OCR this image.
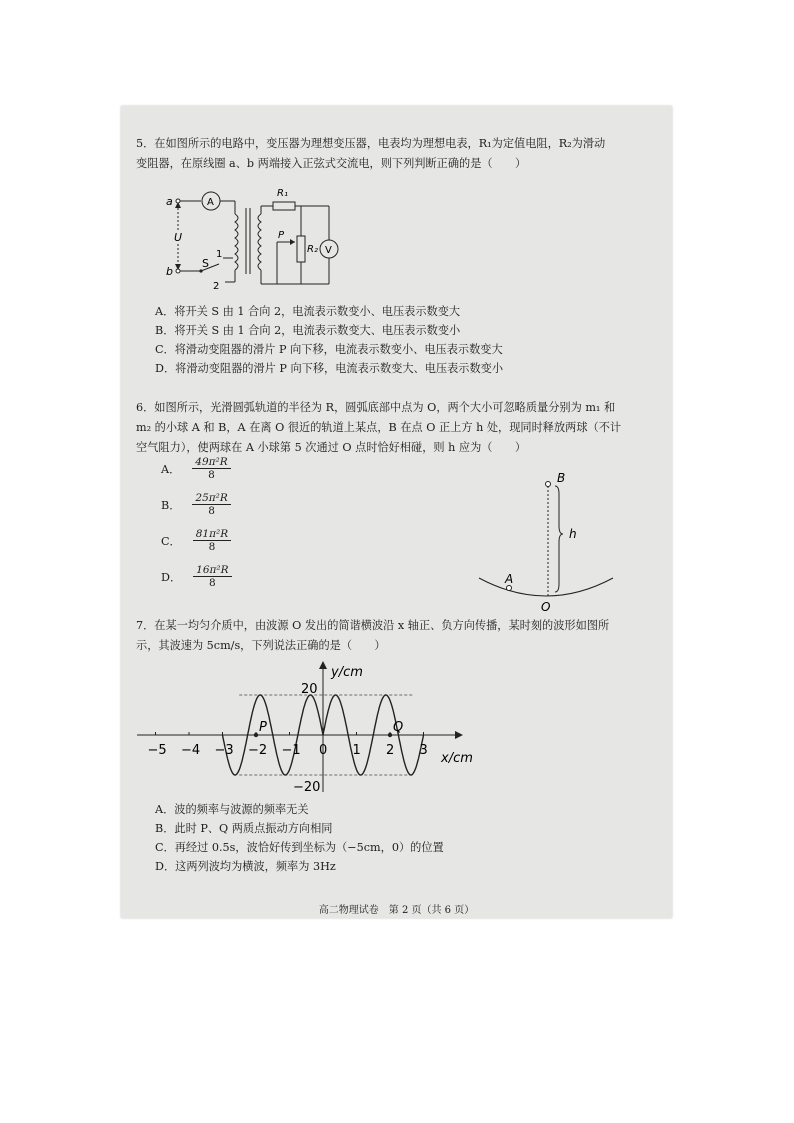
5．在如图所示的电路中，变压器为理想变压器，电表均为理想电表，R₁为定值电阻，R₂为滑动
变阻器，在原线圈 a、b 两端接入正弦式交流电，则下列判断正确的是（　　）
a
b
U
S
1
2
A
V
R₁
R₂
P
A．将开关 S 由 1 合向 2，电流表示数变小、电压表示数变大
B．将开关 S 由 1 合向 2，电流表示数变大、电压表示数变小
C．将滑动变阻器的滑片 P 向下移，电流表示数变小、电压表示数变大
D．将滑动变阻器的滑片 P 向下移，电流表示数变大、电压表示数变小
6．如图所示，光滑圆弧轨道的半径为 R，圆弧底部中点为 O，两个大小可忽略质量分别为 m₁ 和
m₂ 的小球 A 和 B，A 在离 O 很近的轨道上某点，B 在点 O 正上方 h 处，现同时释放两球（不计
空气阻力），使两球在 A 小球第 5 次通过 O 点时恰好相碰，则 h 应为（　　）
A． $\frac{\text{49π²R}}{8}$
B． $\frac{\text{25π²R}}{8}$
C． $\frac{\text{81π²R}}{8}$
D． $\frac{\text{16π²R}}{8}$
B
h
A
O
7．在某一均匀介质中，由波源 O 发出的简谐横波沿 x 轴正、负方向传播，某时刻的波形如图所
示，其波速为 5cm/s，下列说法正确的是（　　）
−5 −4 −3 −2 −1 0 1 2 3
20
−20
P	Q
y/cm
x/cm
A．波的频率与波源的频率无关
B．此时 P、Q 两质点振动方向相同
C．再经过 0.5s，波恰好传到坐标为（−5cm，0）的位置
D．这两列波均为横波，频率为 3Hz
高二物理试卷　第 2 页（共 6 页）
